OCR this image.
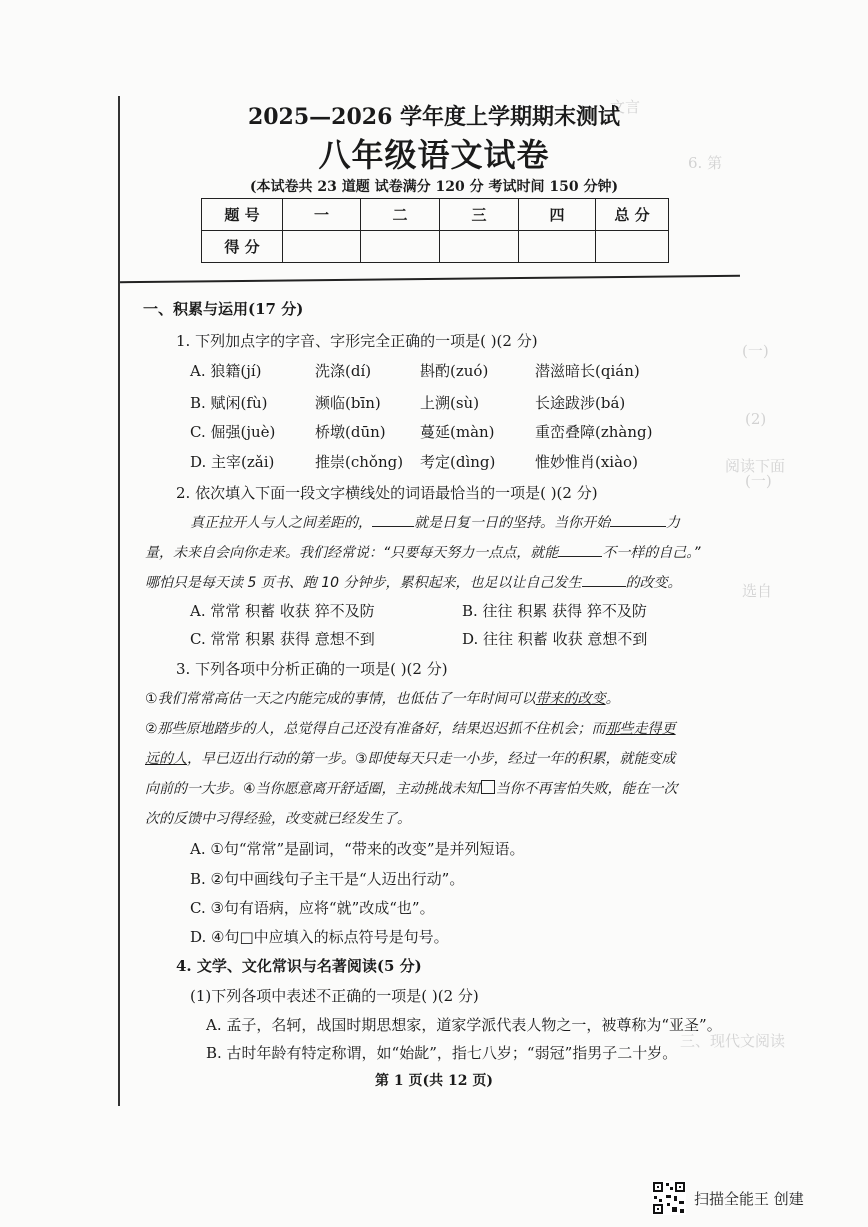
文言
6. 第
(一)
(2)
阅读下面
选自
三、现代文阅读
(一)
2025—2026 学年度上学期期末测试
八年级语文试卷
(本试卷共 23 道题 试卷满分 120 分 考试时间 150 分钟)
题 号	一	二	三	四	总 分
得 分					
一、积累与运用(17 分)
1. 下列加点字的字音、字形完全正确的一项是( )(2 分)
A. 狼籍(jí)	洗涤(dí)	斟酌(zuó)	潜滋暗长(qián)
B. 赋闲(fù)	濒临(bīn)	上溯(sù)	长途跋涉(bá)
C. 倔强(juè)	桥墩(dūn) 蔓延(màn)	重峦叠障(zhàng)
D. 主宰(zǎi)	推崇(chǒng) 考定(dìng)	惟妙惟肖(xiào)
2. 依次填入下面一段文字横线处的词语最恰当的一项是( )(2 分)
真正拉开人与人之间差距的，	就是日复一日的坚持。当你开始	力
量，未来自会向你走来。我们经常说：“只要每天努力一点点，就能	不一样的自己。”
哪怕只是每天读 5 页书、跑 10 分钟步，累积起来，也足以让自己发生	的改变。
A. 常常 积蓄 收获 猝不及防	B. 往往 积累 获得 猝不及防
C. 常常 积累 获得 意想不到	D. 往往 积蓄 收获 意想不到
3. 下列各项中分析正确的一项是( )(2 分)
①我们常常高估一天之内能完成的事情，也低估了一年时间可以带来的改变。
②那些原地踏步的人，总觉得自己还没有准备好，结果迟迟抓不住机会；而那些走得更
远的人，早已迈出行动的第一步。③即使每天只走一小步，经过一年的积累，就能变成
向前的一大步。④当你愿意离开舒适圈，主动挑战未知 当你不再害怕失败，能在一次
次的反馈中习得经验，改变就已经发生了。
A. ①句“常常”是副词，“带来的改变”是并列短语。
B. ②句中画线句子主干是“人迈出行动”。
C. ③句有语病，应将“就”改成“也”。
D. ④句□中应填入的标点符号是句号。
4. 文学、文化常识与名著阅读(5 分)
(1)下列各项中表述不正确的一项是( )(2 分)
A. 孟子，名轲，战国时期思想家，道家学派代表人物之一，被尊称为“亚圣”。
B. 古时年龄有特定称谓，如“始龀”，指七八岁；“弱冠”指男子二十岁。
第 1 页(共 12 页)
扫描全能王 创建
